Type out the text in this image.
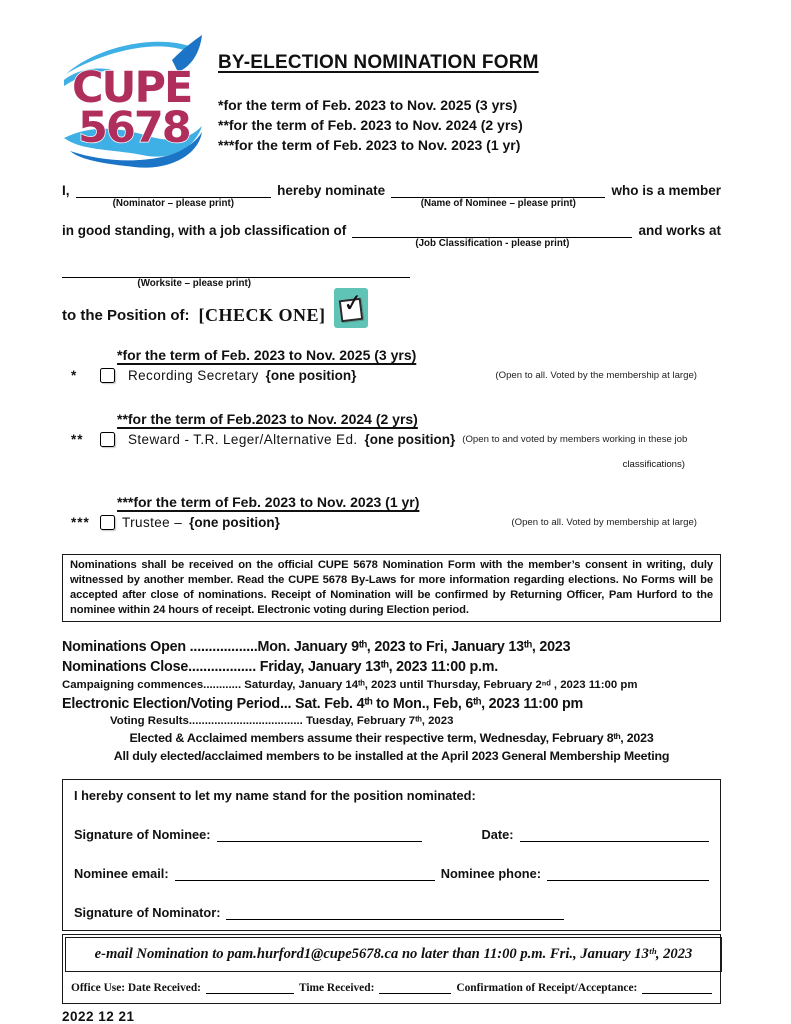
CUPE
5678
BY-ELECTION NOMINATION FORM
*for the term of Feb. 2023 to Nov. 2025 (3 yrs)
**for the term of Feb. 2023 to Nov. 2024 (2 yrs)
***for the term of Feb. 2023 to Nov. 2023 (1 yr)
I,
(Nominator – please print)
hereby nominate
(Name of Nominee – please print)
who is a member
in good standing, with a job classification of
(Job Classification - please print)
and works at
(Worksite – please print)
to the Position of: [CHECK ONE]
✓
*for the term of Feb. 2023 to Nov. 2025 (3 yrs)
*	Recording Secretary {one position}	(Open to all. Voted by the membership at large)
**for the term of Feb.2023 to Nov. 2024 (2 yrs)
**	Steward - T.R. Leger/Alternative Ed. {one position} (Open to and voted by members working in these job
classifications)
***for the term of Feb. 2023 to Nov. 2023 (1 yr)
*** Trustee – {one position}	(Open to all. Voted by membership at large)
Nominations shall be received on the official CUPE 5678 Nomination Form with the member’s consent in writing, duly witnessed by another member. Read the CUPE 5678 By-Laws for more information regarding elections. No Forms will be accepted after close of nominations. Receipt of Nomination will be confirmed by Returning Officer, Pam Hurford to the nominee within 24 hours of receipt. Electronic voting during Election period.
Nominations Open ..................Mon. January 9ᵗʰ, 2023 to Fri, January 13ᵗʰ, 2023
Nominations Close.................. Friday, January 13ᵗʰ, 2023 11:00 p.m.
Campaigning commences............ Saturday, January 14ᵗʰ, 2023 until Thursday, February 2ⁿᵈ , 2023 11:00 pm
Electronic Election/Voting Period... Sat. Feb. 4ᵗʰ to Mon., Feb, 6ᵗʰ, 2023 11:00 pm
Voting Results.................................... Tuesday, February 7ᵗʰ, 2023
Elected & Acclaimed members assume their respective term, Wednesday, February 8ᵗʰ, 2023
All duly elected/acclaimed members to be installed at the April 2023 General Membership Meeting
I hereby consent to let my name stand for the position nominated:
Signature of Nominee:	Date:
Nominee email:	Nominee phone:
Signature of Nominator:
e-mail Nomination to pam.hurford1@cupe5678.ca no later than 11:00 p.m. Fri., January 13ᵗʰ, 2023
Office Use: Date Received:	Time Received:	Confirmation of Receipt/Acceptance:
2022 12 21
